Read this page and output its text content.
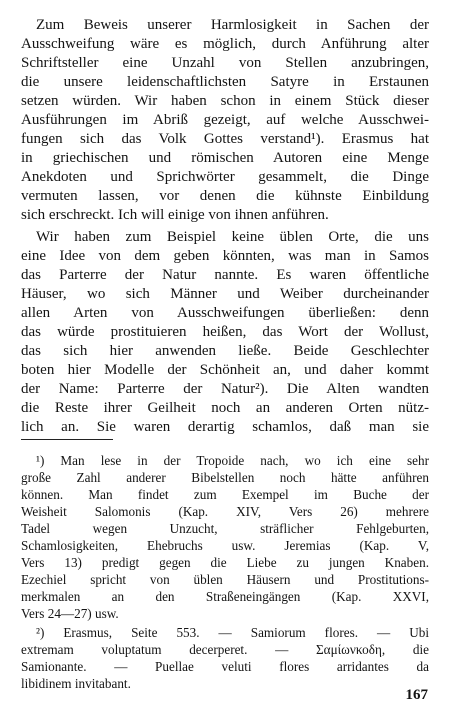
Zum Beweis unserer Harmlosigkeit in Sachen der
Ausschweifung wäre es möglich, durch Anführung alter
Schriftsteller eine Unzahl von Stellen anzubringen,
die unsere leidenschaftlichsten Satyre in Erstaunen
setzen würden. Wir haben schon in einem Stück dieser
Ausführungen im Abriß gezeigt, auf welche Ausschwei-
fungen sich das Volk Gottes verstand¹). Erasmus hat
in griechischen und römischen Autoren eine Menge
Anekdoten und Sprichwörter gesammelt, die Dinge
vermuten lassen, vor denen die kühnste Einbildung
sich erschreckt. Ich will einige von ihnen anführen.
Wir haben zum Beispiel keine üblen Orte, die uns
eine Idee von dem geben könnten, was man in Samos
das Parterre der Natur nannte. Es waren öffentliche
Häuser, wo sich Männer und Weiber durcheinander
allen Arten von Ausschweifungen überließen: denn
das würde prostituieren heißen, das Wort der Wollust,
das sich hier anwenden ließe. Beide Geschlechter
boten hier Modelle der Schönheit an, und daher kommt
der Name: Parterre der Natur²). Die Alten wandten
die Reste ihrer Geilheit noch an anderen Orten nütz-
lich an. Sie waren derartig schamlos, daß man sie
¹) Man lese in der Tropoide nach, wo ich eine sehr
große Zahl anderer Bibelstellen noch hätte anführen
können. Man findet zum Exempel im Buche der
Weisheit Salomonis (Kap. XIV, Vers 26) mehrere
Tadel wegen Unzucht, sträflicher Fehlgeburten,
Schamlosigkeiten, Ehebruchs usw. Jeremias (Kap. V,
Vers 13) predigt gegen die Liebe zu jungen Knaben.
Ezechiel spricht von üblen Häusern und Prostitutions-
merkmalen an den Straßeneingängen (Kap. XXVI,
Vers 24—27) usw.
²) Erasmus, Seite 553. — Samiorum flores. — Ubi
extremam voluptatum decerperet. — Σαμίωνκοδη, die
Samionante. — Puellae veluti flores arridantes da
libidinem invitabant.
167
